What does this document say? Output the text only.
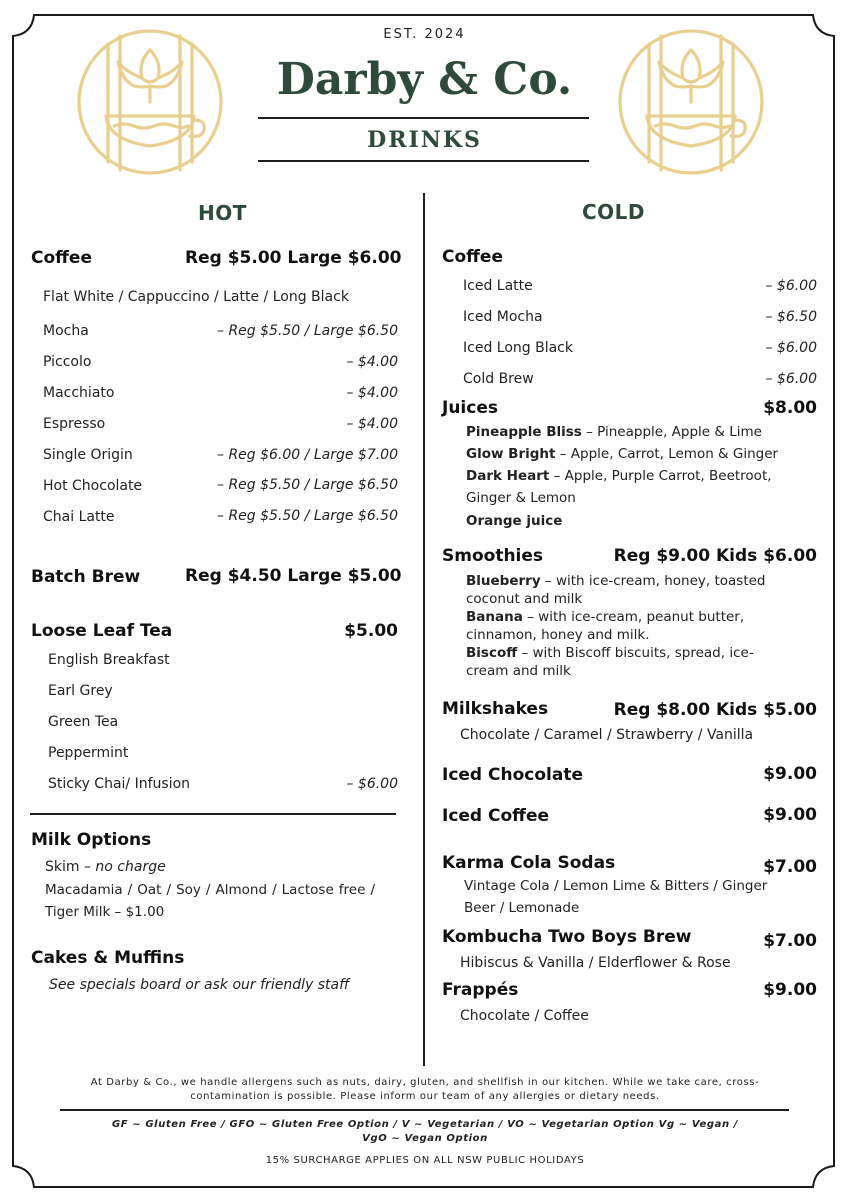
EST. 2024
Darby & Co.
DRINKS
HOT	COLD
Coffee	Reg $5.00 Large $6.00
Flat White / Cappuccino / Latte / Long Black
Mocha	– Reg $5.50 / Large $6.50
Piccolo	– $4.00
Macchiato	– $4.00
Espresso	– $4.00
Single Origin	– Reg $6.00 / Large $7.00
Hot Chocolate	– Reg $5.50 / Large $6.50
Chai Latte	– Reg $5.50 / Large $6.50
Batch Brew	Reg $4.50 Large $5.00
Loose Leaf Tea	$5.00
English Breakfast
Earl Grey
Green Tea
Peppermint
Sticky Chai/ Infusion	– $6.00
Milk Options
Skim – no charge
Macadamia / Oat / Soy / Almond / Lactose free / Tiger Milk – $1.00
Cakes & Muffins
See specials board or ask our friendly staff
Coffee
Iced Latte	– $6.00
Iced Mocha	– $6.50
Iced Long Black	– $6.00
Cold Brew	– $6.00
Juices	$8.00
Pineapple Bliss – Pineapple, Apple & Lime
Glow Bright – Apple, Carrot, Lemon & Ginger
Dark Heart – Apple, Purple Carrot, Beetroot, Ginger & Lemon
Orange juice
Smoothies	Reg $9.00 Kids $6.00
Blueberry – with ice-cream, honey, toasted coconut and milk
Banana – with ice-cream, peanut butter, cinnamon, honey and milk.
Biscoff – with Biscoff biscuits, spread, ice-cream and milk
Milkshakes	Reg $8.00 Kids $5.00
Chocolate / Caramel / Strawberry / Vanilla
Iced Chocolate	$9.00
Iced Coffee	$9.00
Karma Cola Sodas	$7.00
Vintage Cola / Lemon Lime & Bitters / Ginger Beer / Lemonade
Kombucha Two Boys Brew	$7.00
Hibiscus & Vanilla / Elderflower & Rose
Frappés	$9.00
Chocolate / Coffee
At Darby & Co., we handle allergens such as nuts, dairy, gluten, and shellfish in our kitchen. While we take care, cross-contamination is possible. Please inform our team of any allergies or dietary needs.
GF ~ Gluten Free / GFO ~ Gluten Free Option / V ~ Vegetarian / VO ~ Vegetarian Option Vg ~ Vegan / VgO ~ Vegan Option
15% SURCHARGE APPLIES ON ALL NSW PUBLIC HOLIDAYS
